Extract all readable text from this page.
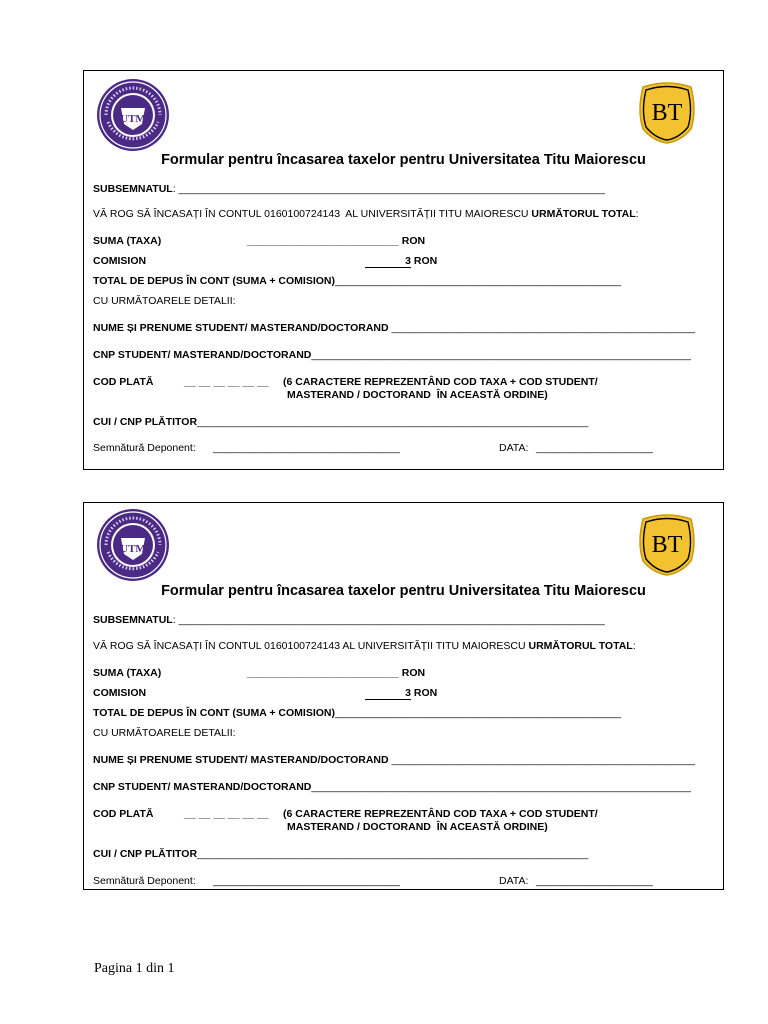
UTM	BT
Formular pentru încasarea taxelor pentru Universitatea Titu Maiorescu
SUBSEMNATUL: _________________________________________________________________________
VĂ ROG SĂ ÎNCASAȚI ÎN CONTUL 0160100724143  AL UNIVERSITĂȚII TITU MAIORESCU URMĂTORUL TOTAL:
SUMA (TAXA)	__________________________ RON
COMISION	3 RON
TOTAL DE DEPUS ÎN CONT (SUMA + COMISION)_________________________________________________
CU URMĂTOARELE DETALII:
NUME ȘI PRENUME STUDENT/ MASTERAND/DOCTORAND ____________________________________________________
CNP STUDENT/ MASTERAND/DOCTORAND_________________________________________________________________
COD PLATĂ	__ __ __ __ __ __ (6 CARACTERE REPREZENTÂND COD TAXA + COD STUDENT/
MASTERAND / DOCTORAND  ÎN ACEASTĂ ORDINE)
CUI / CNP PLĂTITOR___________________________________________________________________
Semnătură Deponent: ________________________________	DATA: ____________________
UTM	BT
Formular pentru încasarea taxelor pentru Universitatea Titu Maiorescu
SUBSEMNATUL: _________________________________________________________________________
VĂ ROG SĂ ÎNCASAȚI ÎN CONTUL 0160100724143 AL UNIVERSITĂȚII TITU MAIORESCU URMĂTORUL TOTAL:
SUMA (TAXA)	__________________________ RON
COMISION	3 RON
TOTAL DE DEPUS ÎN CONT (SUMA + COMISION)_________________________________________________
CU URMĂTOARELE DETALII:
NUME ȘI PRENUME STUDENT/ MASTERAND/DOCTORAND ____________________________________________________
CNP STUDENT/ MASTERAND/DOCTORAND_________________________________________________________________
COD PLATĂ	__ __ __ __ __ __ (6 CARACTERE REPREZENTÂND COD TAXA + COD STUDENT/
MASTERAND / DOCTORAND  ÎN ACEASTĂ ORDINE)
CUI / CNP PLĂTITOR___________________________________________________________________
Semnătură Deponent: ________________________________	DATA: ____________________
Pagina 1 din 1
